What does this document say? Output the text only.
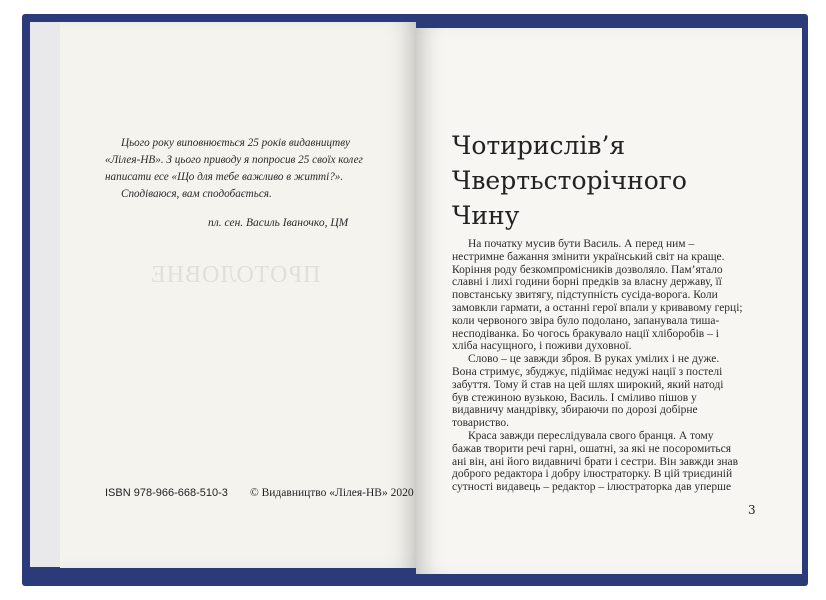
ПРОТОЛОВНЕ
Цього року виповнюється 25 років видавництву
«Лілея-НВ». З цього приводу я попросив 25 своїх колег
написати есе «Що для тебе важливо в житті?».
Сподіваюся, вам сподобається.
пл. сен. Василь Іваночко, ЦМ
ISBN 978-966-668-510-3 © Видавництво «Лілея-НВ» 2020
Чотирислів’я
Чвертьсторічного
Чину
На початку мусив бути Василь. А перед ним –
нестримне бажання змінити український світ на краще.
Коріння роду безкомпромісників дозволяло. Пам’ятало
славні і лихі години борні предків за власну державу, її
повстанську звитягу, підступність сусіда-ворога. Коли
замовкли гармати, а останні герої впали у кривавому герці;
коли червоного звіра було подолано, запанувала тиша-
несподіванка. Бо чогось бракувало нації хліборобів – і
хліба насущного, і поживи духовної.
Слово – це завжди зброя. В руках умілих і не дуже.
Вона стримує, збуджує, підіймає недужі нації з постелі
забуття. Тому й став на цей шлях широкий, який натоді
був стежиною вузькою, Василь. І сміливо пішов у
видавничу мандрівку, збираючи по дорозі добірне
товариство.
Краса завжди переслідувала свого бранця. А тому
бажав творити речі гарні, ошатні, за які не посоромиться
ані він, ані його видавничі брати і сестри. Він завжди знав
доброго редактора і добру ілюстраторку. В цій триєдиній
сутності видавець – редактор – ілюстраторка дав уперше
3
